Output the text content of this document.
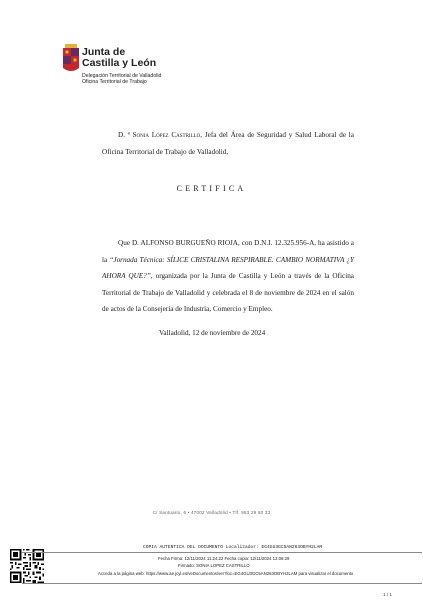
Junta de
Castilla y León
Delegación Territorial de Valladolid
Oficina Territorial de Trabajo
D. ª Sonia López Castrillo, Jefa del Área de Seguridad y Salud Laboral de la Oficina Territorial de Trabajo de Valladolid,
CERTIFICA
Que D. ALFONSO BURGUEÑO RIOJA, con D.N.I. 12.325.956-A, ha asistido a la “Jornada Técnica: SÍLICE CRISTALINA RESPIRABLE. CAMBIO NORMATIVA ¿Y AHORA QUE?”, organizada por la Junta de Castilla y León a través de la Oficina Territorial de Trabajo de Valladolid y celebrada el 8 de noviembre de 2024 en el salón de actos de la Consejería de Industria, Comercio y Empleo.
Valladolid, 12 de noviembre de 2024
C/ Santuario, 6 • 47002 Valladolid • Tlf. 983 29 80 33
COPIA AUTENTICA DEL DOCUMENTO Localizador: EG4GU3GC5AN263OBYH2LAM
Fecha Firma: 12/11/2024 11:24:22 Fecha copia: 12/11/2024 13:06:29
Firmado: SONIA LOPEZ CASTRILLO
Acceda a la página web: https://www.ae.jcyl.es/veDocumentos/ver?loc=EG4GU3GC5AN263OBYH2LAM para visualizar el documento
1 / 1
